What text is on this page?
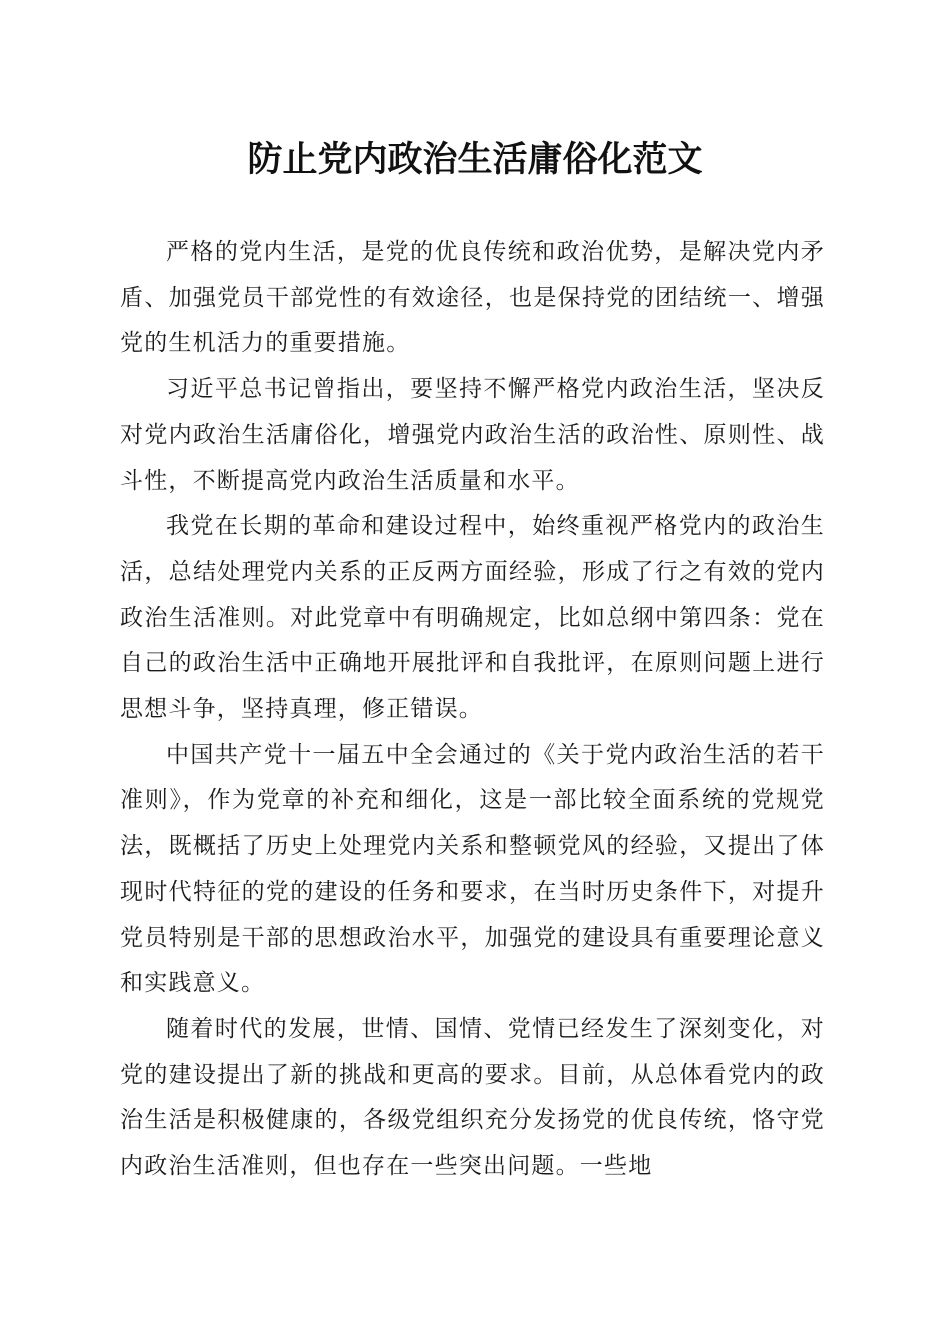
防止党内政治生活庸俗化范文

严格的党内生活，是党的优良传统和政治优势，是解决党内矛盾、加强党员干部党性的有效途径，也是保持党的团结统一、增强党的生机活力的重要措施。

习近平总书记曾指出，要坚持不懈严格党内政治生活，坚决反对党内政治生活庸俗化，增强党内政治生活的政治性、原则性、战斗性，不断提高党内政治生活质量和水平。

我党在长期的革命和建设过程中，始终重视严格党内的政治生活，总结处理党内关系的正反两方面经验，形成了行之有效的党内政治生活准则。对此党章中有明确规定，比如总纲中第四条：党在自己的政治生活中正确地开展批评和自我批评，在原则问题上进行思想斗争，坚持真理，修正错误。

中国共产党十一届五中全会通过的《关于党内政治生活的若干准则》，作为党章的补充和细化，这是一部比较全面系统的党规党法，既概括了历史上处理党内关系和整顿党风的经验，又提出了体现时代特征的党的建设的任务和要求，在当时历史条件下，对提升党员特别是干部的思想政治水平，加强党的建设具有重要理论意义和实践意义。

随着时代的发展，世情、国情、党情已经发生了深刻变化，对党的建设提出了新的挑战和更高的要求。目前，从总体看党内的政治生活是积极健康的，各级党组织充分发扬党的优良传统，恪守党内政治生活准则，但也存在一些突出问题。一些地
